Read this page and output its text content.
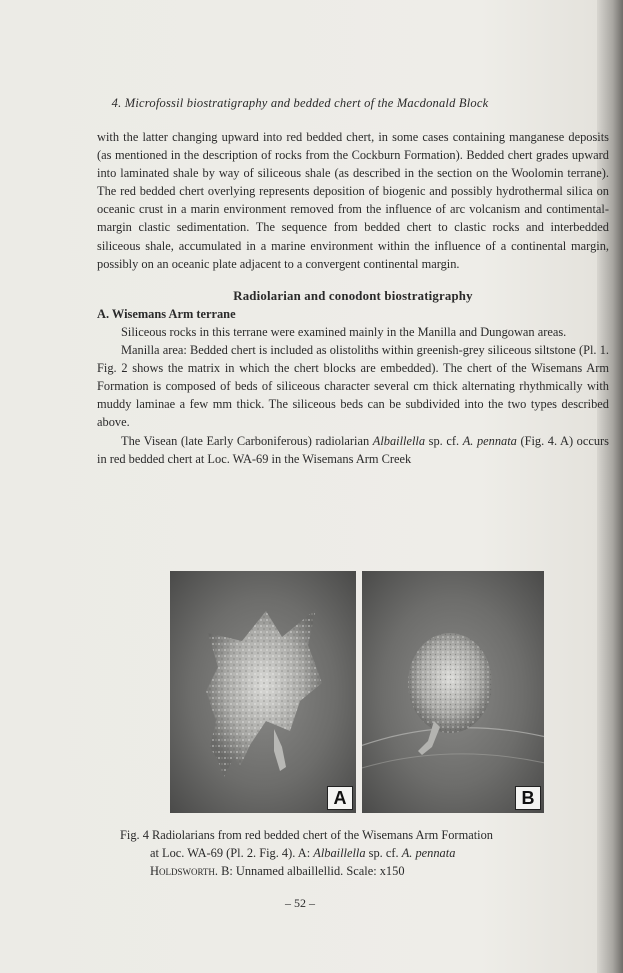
4. Microfossil biostratigraphy and bedded chert of the Macdonald Block

with the latter changing upward into red bedded chert, in some cases containing manganese deposits (as mentioned in the description of rocks from the Cockburn Formation). Bedded chert grades upward into laminated shale by way of siliceous shale (as described in the section on the Woolomin terrane). The red bedded chert overlying represents deposition of biogenic and possibly hydrothermal silica on oceanic crust in a marin environment removed from the influence of arc volcanism and contimental-margin clastic sedimentation. The sequence from bedded chert to clastic rocks and interbedded siliceous shale, accumulated in a marine environment within the influence of a continental margin, possibly on an oceanic plate adjacent to a convergent continental margin.

Radiolarian and conodont biostratigraphy

A. Wisemans Arm terrane

Siliceous rocks in this terrane were examined mainly in the Manilla and Dungowan areas.

Manilla area: Bedded chert is included as olistoliths within greenish-grey siliceous siltstone (Pl. 1. Fig. 2 shows the matrix in which the chert blocks are embedded). The chert of the Wisemans Arm Formation is composed of beds of siliceous character several cm thick alternating rhythmically with muddy laminae a few mm thick. The siliceous beds can be subdivided into the two types described above.

The Visean (late Early Carboniferous) radiolarian Albaillella sp. cf. A. pennata (Fig. 4. A) occurs in red bedded chert at Loc. WA-69 in the Wisemans Arm Creek

A	B
Fig. 4 Radiolarians from red bedded chert of the Wisemans Arm Formation
at Loc. WA-69 (Pl. 2. Fig. 4). A: Albaillella sp. cf. A. pennata
Holdsworth. B: Unnamed albaillellid. Scale: x150
– 52 –
